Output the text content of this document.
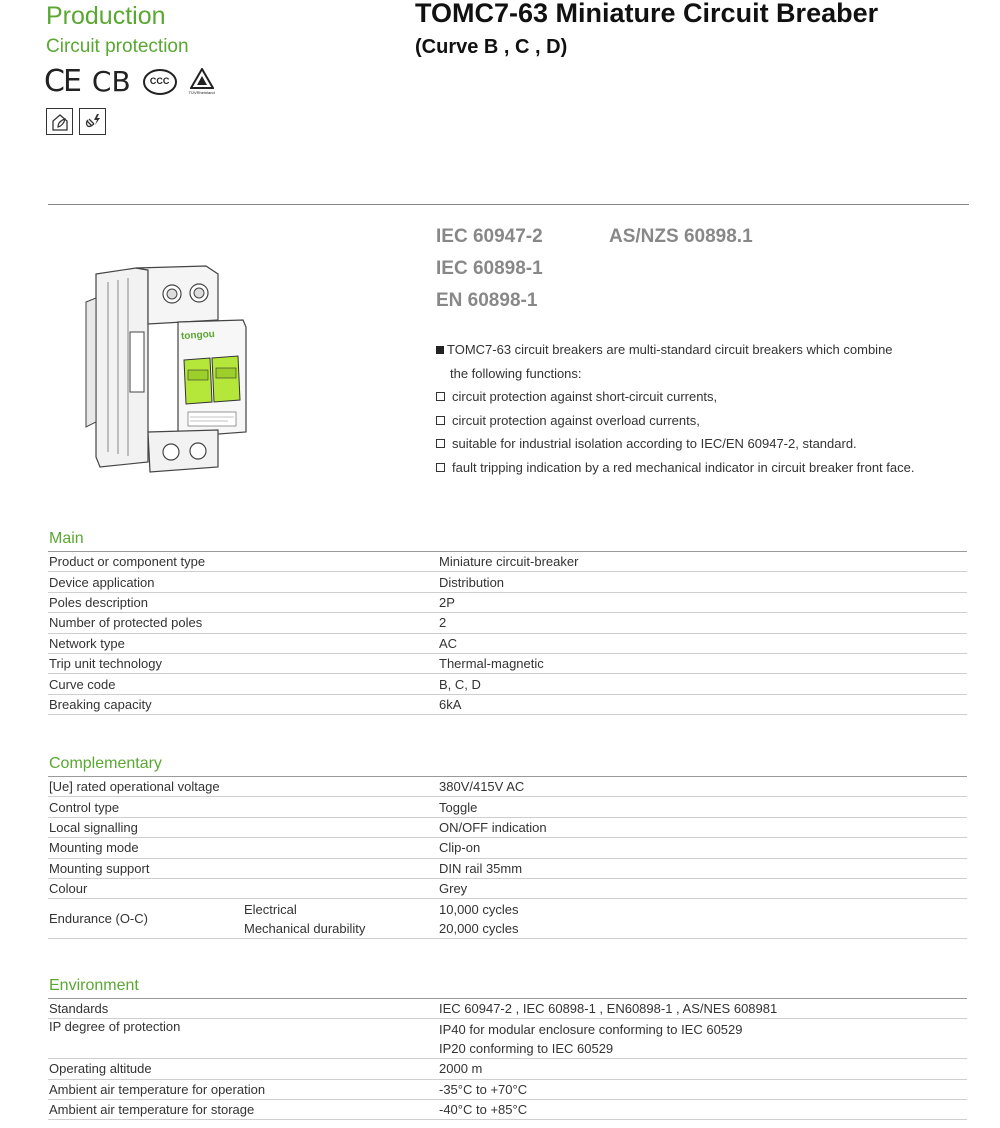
Production
Circuit protection
CE CB	CCC
TÜVRheinland
TOMC7-63 Miniature Circuit Breaber
(Curve B , C , D)
tongou
IEC 60947-2	AS/NZS 60898.1
IEC 60898-1
EN 60898-1
TOMC7-63 circuit breakers are multi-standard circuit breakers which combine
the following functions:
circuit protection against short-circuit currents,
circuit protection against overload currents,
suitable for industrial isolation according to IEC/EN 60947-2, standard.
fault tripping indication by a red mechanical indicator in circuit breaker front face.
Main
Product or component type	Miniature circuit-breaker
Device application	Distribution
Poles description	2P
Number of protected poles	2
Network type	AC
Trip unit technology	Thermal-magnetic
Curve code	B, C, D
Breaking capacity	6kA
Complementary
[Ue] rated operational voltage		380V/415V AC
Control type		Toggle
Local signalling		ON/OFF indication
Mounting mode		Clip-on
Mounting support		DIN rail 35mm
Colour		Grey
Endurance (O-C)	Electrical	10,000 cycles
	Mechanical durability	20,000 cycles
Environment
Standards	IEC 60947-2 , IEC 60898-1 , EN60898-1 , AS/NES 608981
IP degree of protection	IP40 for modular enclosure conforming to IEC 60529
	IP20 conforming to IEC 60529
Operating altitude	2000 m
Ambient air temperature for operation	-35°C to +70°C
Ambient air temperature for storage	-40°C to +85°C
